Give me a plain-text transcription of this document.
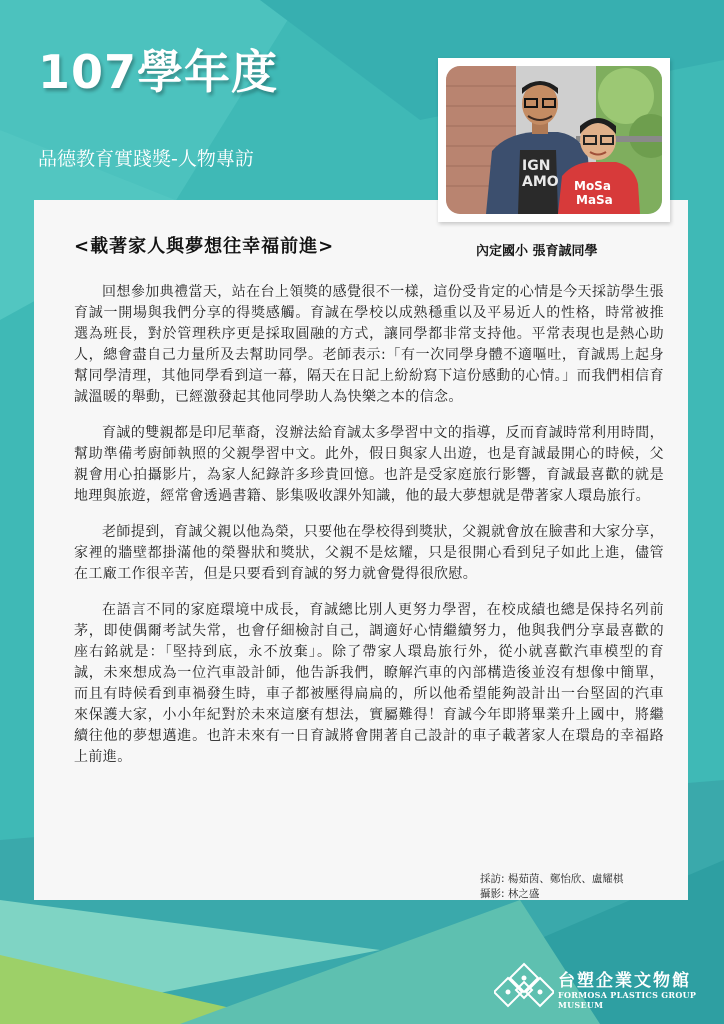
107學年度
品德教育實踐獎-人物專訪	IGN
AMO MoSa
MaSa
<載著家人與夢想往幸福前進>	內定國小 張育誠同學

回想參加典禮當天，站在台上領獎的感覺很不一樣，這份受肯定的心情是今天採訪學生張育誠一開場與我們分享的得獎感觸。育誠在學校以成熟穩重以及平易近人的性格，時常被推選為班長，對於管理秩序更是採取圓融的方式，讓同學都非常支持他。平常表現也是熱心助人，總會盡自己力量所及去幫助同學。老師表示:「有一次同學身體不適嘔吐，育誠馬上起身幫同學清理，其他同學看到這一幕，隔天在日記上紛紛寫下這份感動的心情。」而我們相信育誠溫暖的舉動，已經激發起其他同學助人為快樂之本的信念。

育誠的雙親都是印尼華裔，沒辦法給育誠太多學習中文的指導，反而育誠時常利用時間，幫助準備考廚師執照的父親學習中文。此外，假日與家人出遊，也是育誠最開心的時候，父親會用心拍攝影片，為家人紀錄許多珍貴回憶。也許是受家庭旅行影響，育誠最喜歡的就是地理與旅遊，經常會透過書籍、影集吸收課外知識，他的最大夢想就是帶著家人環島旅行。

老師提到，育誠父親以他為榮，只要他在學校得到獎狀，父親就會放在臉書和大家分享，家裡的牆壁都掛滿他的榮譽狀和獎狀，父親不是炫耀，只是很開心看到兒子如此上進，儘管在工廠工作很辛苦，但是只要看到育誠的努力就會覺得很欣慰。

在語言不同的家庭環境中成長，育誠總比別人更努力學習，在校成績也總是保持名列前茅，即使偶爾考試失常，也會仔細檢討自己，調適好心情繼續努力，他與我們分享最喜歡的座右銘就是：「堅持到底，永不放棄」。除了帶家人環島旅行外，從小就喜歡汽車模型的育誠，未來想成為一位汽車設計師，他告訴我們，瞭解汽車的內部構造後並沒有想像中簡單，而且有時候看到車禍發生時，車子都被壓得扁扁的，所以他希望能夠設計出一台堅固的汽車來保護大家，小小年紀對於未來這麼有想法，實屬難得！育誠今年即將畢業升上國中，將繼續往他的夢想邁進。也許未來有一日育誠將會開著自己設計的車子載著家人在環島的幸福路上前進。

採訪: 楊茹茵、鄭怡欣、盧耀棋
攝影: 林之盛
台塑企業文物館
FORMOSA PLASTICS GROUP MUSEUM
